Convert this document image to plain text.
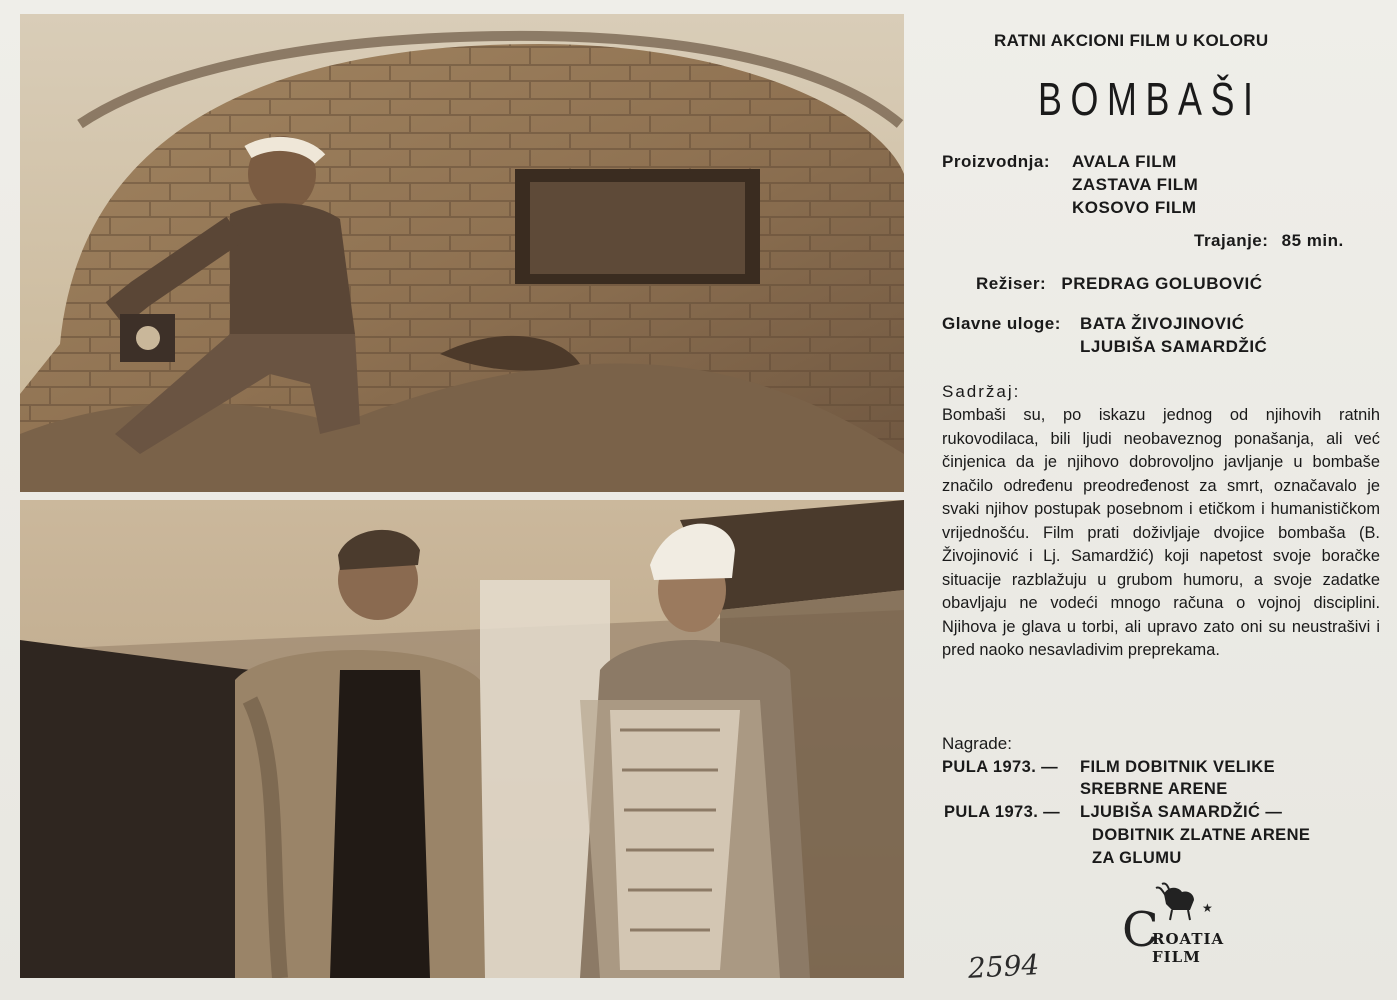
RATNI AKCIONI FILM U KOLORU
BOMBAŠI
Proizvodnja: AVALA FILM
ZASTAVA FILM
KOSOVO FILM
Trajanje: 85 min.
Režiser: PREDRAG GOLUBOVIĆ
Glavne uloge: BATA ŽIVOJINOVIĆ
LJUBIŠA SAMARDŽIĆ
Sadržaj:
Bombaši su, po iskazu jednog od njihovih ratnih rukovodilaca, bili ljudi neobaveznog ponašanja, ali već činjenica da je njihovo dobrovoljno javljanje u bombaše značilo određenu preodređenost za smrt, označavalo je svaki njihov postupak posebnom i etičkom i humanističkom vrijednošću. Film prati doživljaje dvojice bombaša (B. Živojinović i Lj. Samardžić) koji napetost svoje boračke situacije razblažuju u grubom humoru, a svoje zadatke obavljaju ne vodeći mnogo računa o vojnoj disciplini. Njihova je glava u torbi, ali upravo zato oni su neustrašivi i pred naoko nesavladivim preprekama.
Nagrade:
PULA 1973. — FILM DOBITNIK VELIKE
SREBRNE ARENE
PULA 1973. — LJUBIŠA SAMARDŽIĆ —
DOBITNIK ZLATNE ARENE
ZA GLUMU
★
C
ROATIA
FILM
2594
